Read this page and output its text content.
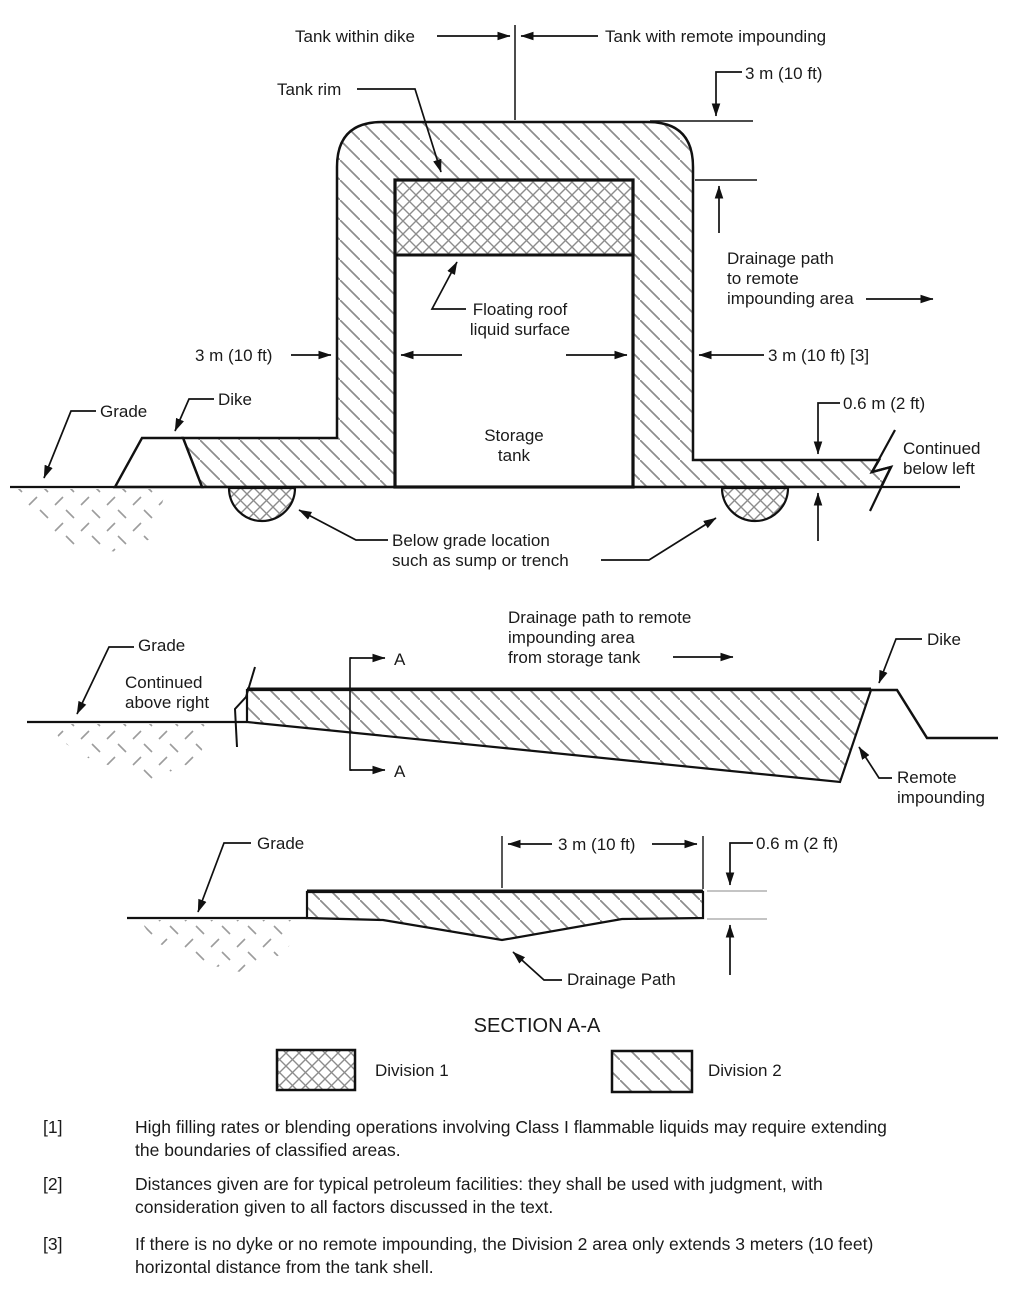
Tank within dike	Tank with remote impounding
3 m (10 ft)
Tank rim
Floating roof
liquid surface
Drainage path
to remote
impounding area
3 m (10 ft)	3 m (10 ft) [3]
Grade
Dike
Storage
tank
0.6 m (2 ft)
Continued
below left
Below grade location
such as sump or trench
Grade
Continued
above right
Drainage path to remote
impounding area
from storage tank
Dike
Remote
impounding
A
A
Grade	3 m (10 ft)	0.6 m (2 ft)
Drainage Path
SECTION A-A
Division 1	Division 2
[1]	High filling rates or blending operations involving Class I flammable liquids may require extending
the boundaries of classified areas.
[2]	Distances given are for typical petroleum facilities: they shall be used with judgment, with
consideration given to all factors discussed in the text.
[3]	If there is no dyke or no remote impounding, the Division 2 area only extends 3 meters (10 feet)
horizontal distance from the tank shell.
